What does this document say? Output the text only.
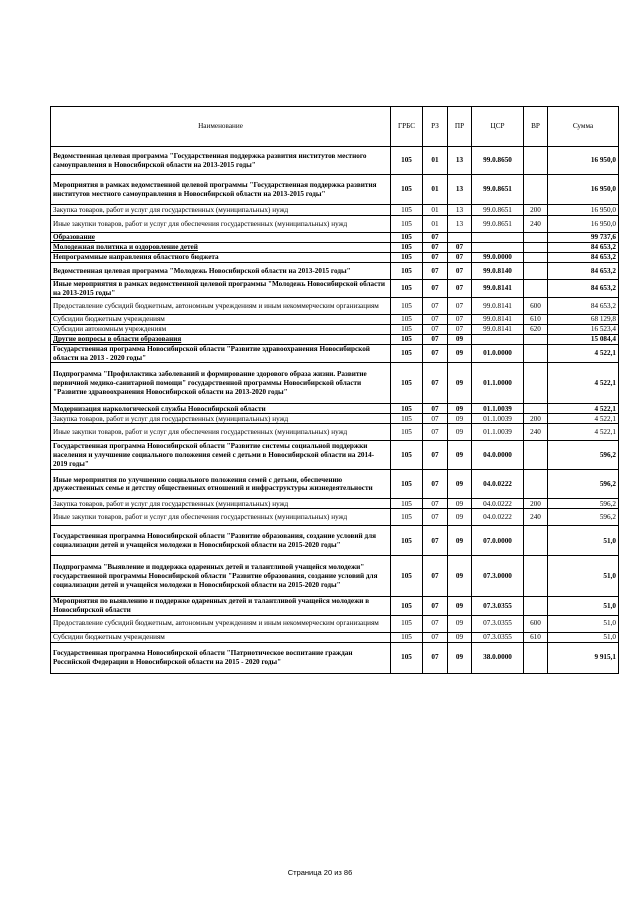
Наименование	ГРБС	РЗ	ПР	ЦСР	ВР	Сумма
Ведомственная целевая программа "Государственная поддержка развития институтов местного самоуправления в Новосибирской области на 2013-2015 годы"	105	01	13	99.0.8650		16 950,0
Мероприятия в рамках ведомственной целевой программы "Государственная поддержка развития институтов местного самоуправления в Новосибирской области на 2013-2015 годы"	105	01	13	99.0.8651		16 950,0
Закупка товаров, работ и услуг для государственных (муниципальных) нужд	105	01	13	99.0.8651	200	16 950,0
Иные закупки товаров, работ и услуг для обеспечения государственных (муниципальных) нужд	105	01	13	99.0.8651	240	16 950,0
Образование	105	07				99 737,6
Молодежная политика и оздоровление детей	105	07	07			84 653,2
Непрограммные направления областного бюджета	105	07	07	99.0.0000		84 653,2
Ведомственная целевая программа "Молодежь Новосибирской области на 2013-2015 годы"	105	07	07	99.0.8140		84 653,2
Иные мероприятия в рамках ведомственной целевой программы "Молодежь Новосибирской области на 2013-2015 годы"	105	07	07	99.0.8141		84 653,2
Предоставление субсидий бюджетным, автономным учреждениям и иным некоммерческим организациям	105	07	07	99.0.8141	600	84 653,2
Субсидии бюджетным учреждениям	105	07	07	99.0.8141	610	68 129,8
Субсидии автономным учреждениям	105	07	07	99.0.8141	620	16 523,4
Другие вопросы в области образования	105	07	09			15 084,4
Государственная программа Новосибирской области "Развитие здравоохранения Новосибирской области на 2013 - 2020 годы"	105	07	09	01.0.0000		4 522,1
Подпрограмма "Профилактика заболеваний и формирование здорового образа жизни. Развитие первичной медико-санитарной помощи" государственной программы Новосибирской области "Развитие здравоохранения Новосибирской области на 2013-2020 годы"	105	07	09	01.1.0000		4 522,1
Модернизация наркологической службы Новосибирской области	105	07	09	01.1.0039		4 522,1
Закупка товаров, работ и услуг для государственных (муниципальных) нужд	105	07	09	01.1.0039	200	4 522,1
Иные закупки товаров, работ и услуг для обеспечения государственных (муниципальных) нужд	105	07	09	01.1.0039	240	4 522,1
Государственная программа Новосибирской области "Развитие системы социальной поддержки населения и улучшение социального положения семей с детьми в Новосибирской области на 2014-2019 годы"	105	07	09	04.0.0000		596,2
Иные мероприятия по улучшению социального положения семей с детьми, обеспечению дружественных семье и детству общественных отношений и инфраструктуры жизнедеятельности	105	07	09	04.0.0222		596,2
Закупка товаров, работ и услуг для государственных (муниципальных) нужд	105	07	09	04.0.0222	200	596,2
Иные закупки товаров, работ и услуг для обеспечения государственных (муниципальных) нужд	105	07	09	04.0.0222	240	596,2
Государственная программа Новосибирской области "Развитие образования, создание условий для социализации детей и учащейся молодежи в Новосибирской области на 2015-2020 годы"	105	07	09	07.0.0000		51,0
Подпрограмма "Выявление и поддержка одаренных детей и талантливой учащейся молодежи" государственной программы Новосибирской области "Развитие образования, создание условий для социализации детей и учащейся молодежи в Новосибирской области на 2015-2020 годы"	105	07	09	07.3.0000		51,0
Мероприятия по выявлению и поддержке одаренных детей и талантливой учащейся молодежи в Новосибирской области	105	07	09	07.3.0355		51,0
Предоставление субсидий бюджетным, автономным учреждениям и иным некоммерческим организациям	105	07	09	07.3.0355	600	51,0
Субсидии бюджетным учреждениям	105	07	09	07.3.0355	610	51,0
Государственная программа Новосибирской области "Патриотическое воспитание граждан Российской Федерации в Новосибирской области на 2015 - 2020 годы"	105	07	09	38.0.0000		9 915,1
Страница 20 из 86
